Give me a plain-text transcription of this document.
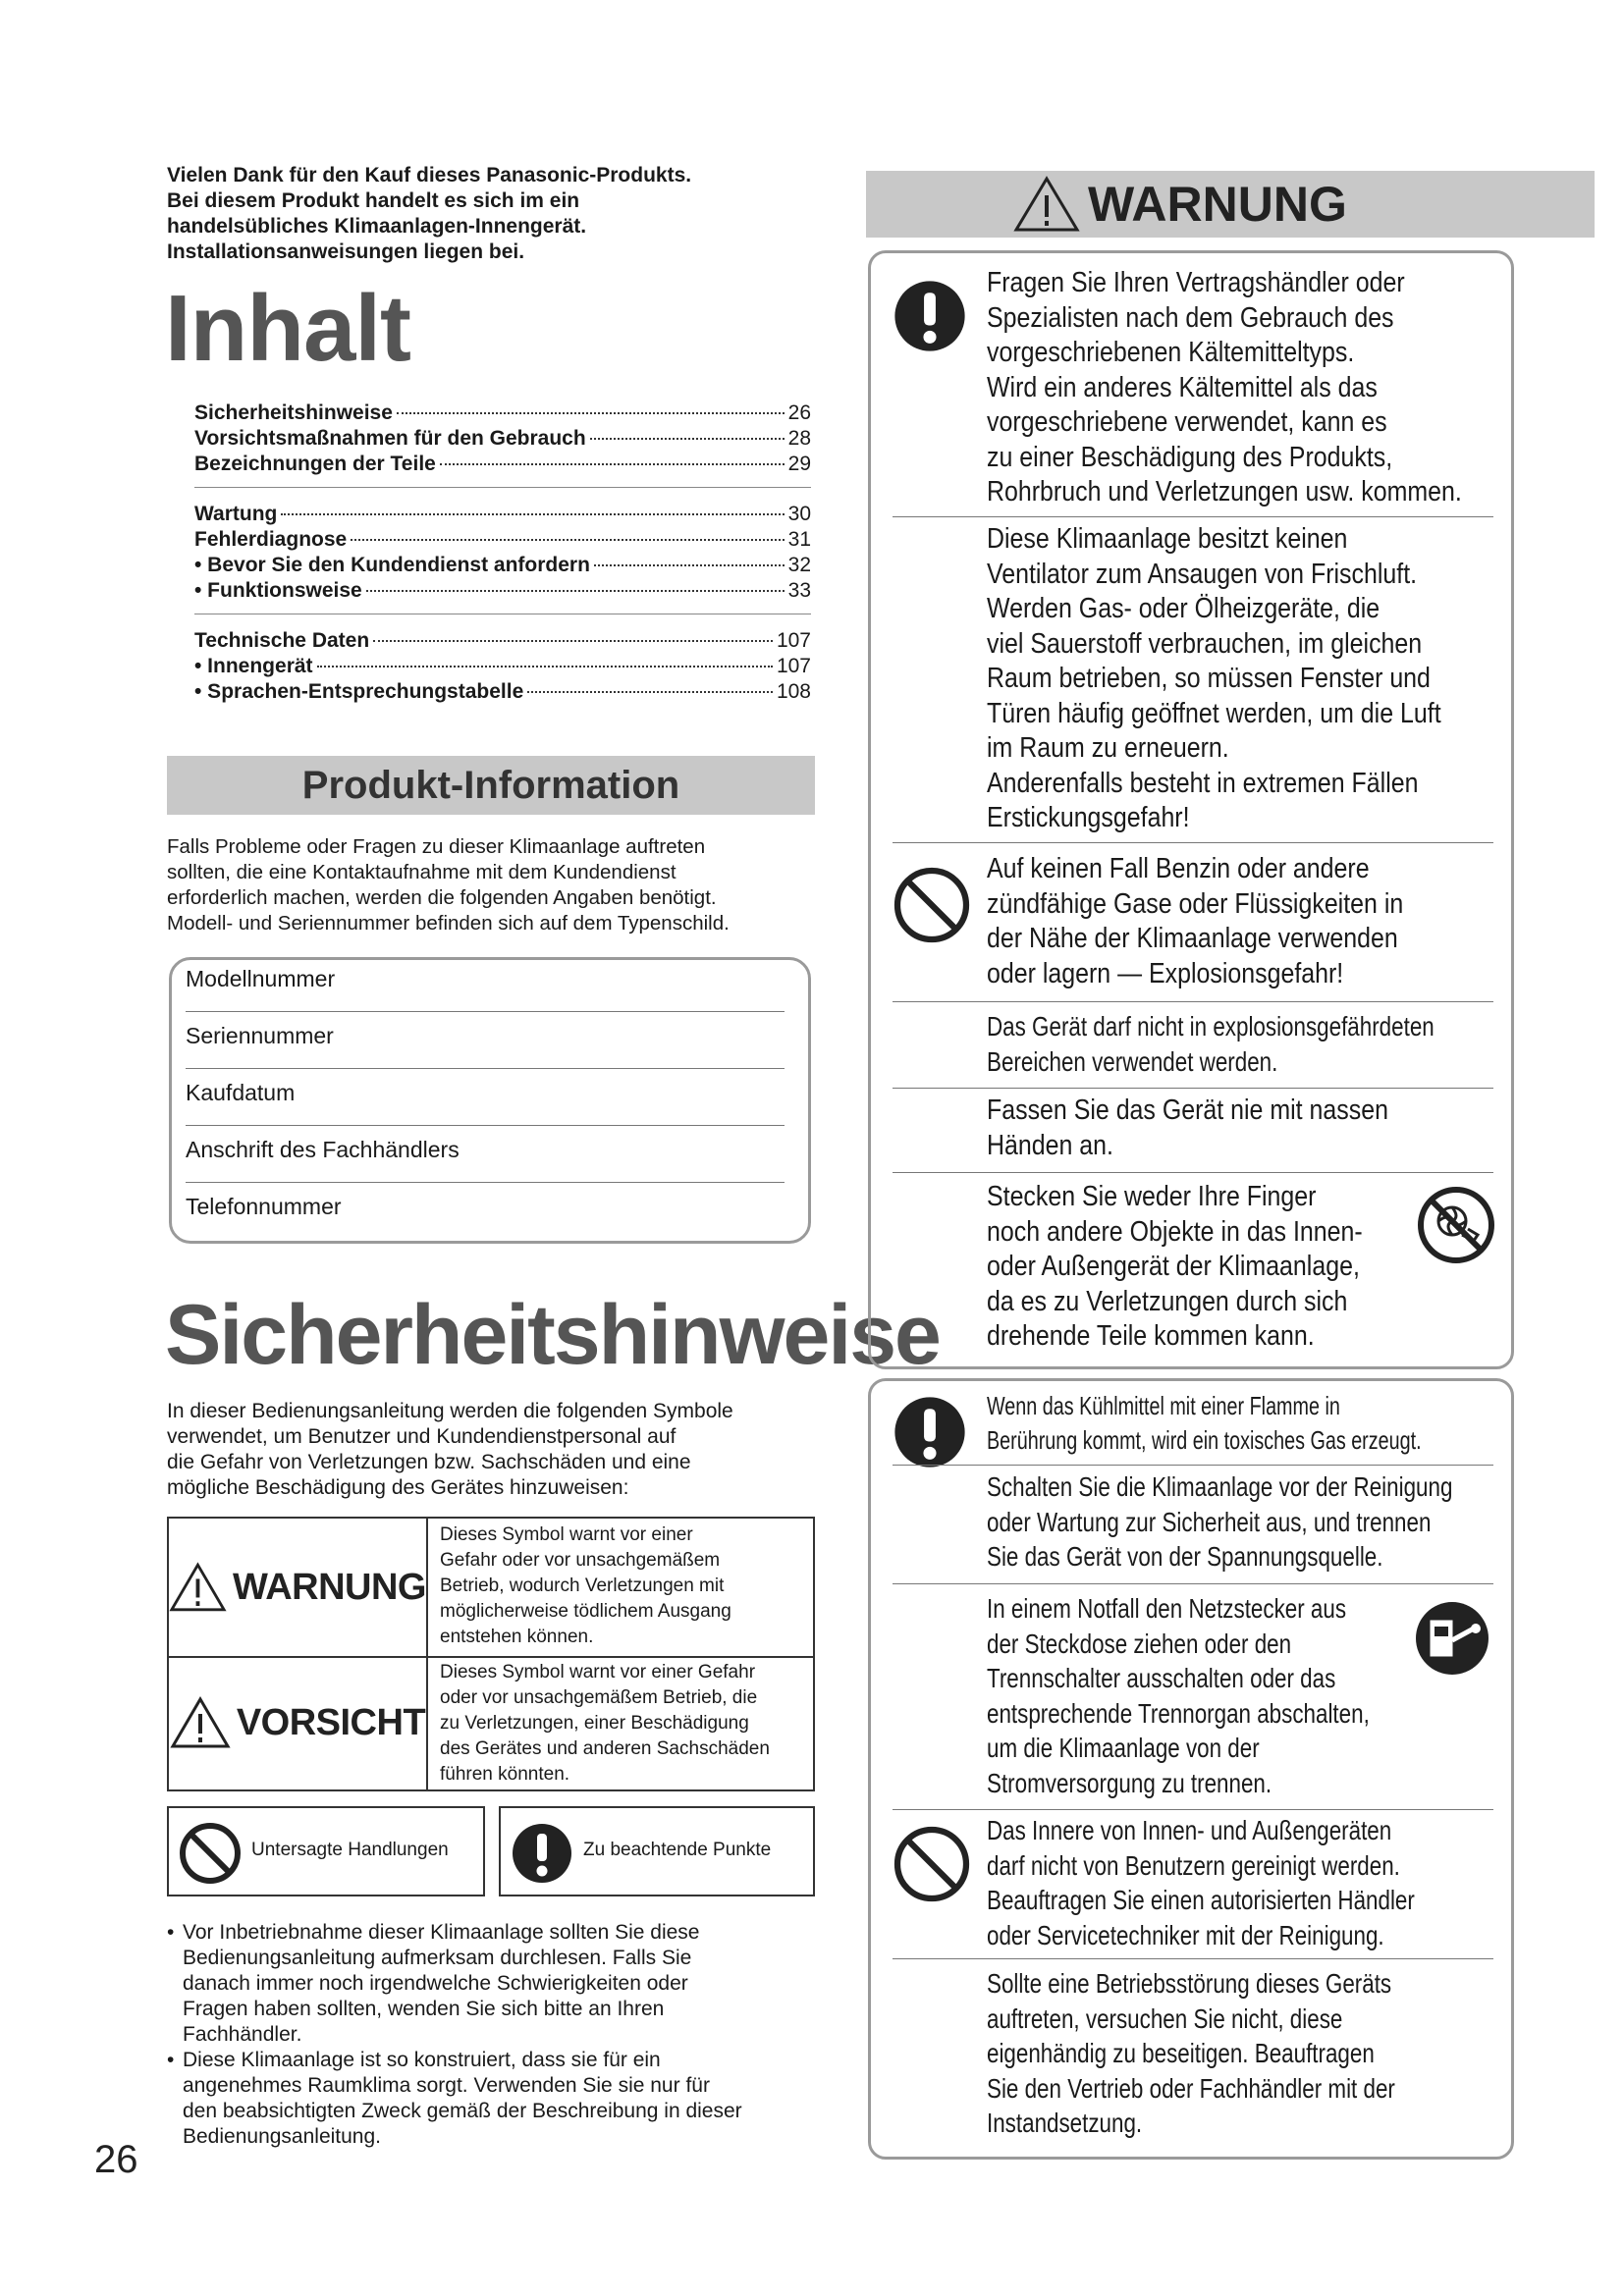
Vielen Dank für den Kauf dieses Panasonic-Produkts.
Bei diesem Produkt handelt es sich im ein
handelsübliches Klimaanlagen-Innengerät.
Installationsanweisungen liegen bei.
Inhalt
Sicherheitshinweise	26
Vorsichtsmaßnahmen für den Gebrauch	28
Bezeichnungen der Teile	29
Wartung	30
Fehlerdiagnose	31
• Bevor Sie den Kundendienst anfordern	32
• Funktionsweise	33
Technische Daten	107
• Innengerät	107
• Sprachen-Entsprechungstabelle	108
Produkt-Information
Falls Probleme oder Fragen zu dieser Klimaanlage auftreten
sollten, die eine Kontaktaufnahme mit dem Kundendienst
erforderlich machen, werden die folgenden Angaben benötigt.
Modell- und Seriennummer befinden sich auf dem Typenschild.
Modellnummer
Seriennummer
Kaufdatum
Anschrift des Fachhändlers
Telefonnummer
Sicherheitshinweise
In dieser Bedienungsanleitung werden die folgenden Symbole
verwendet, um Benutzer und Kundendienstpersonal auf
die Gefahr von Verletzungen bzw. Sachschäden und eine
mögliche Beschädigung des Gerätes hinzuweisen:
WARNUNG
Dieses Symbol warnt vor einer
Gefahr oder vor unsachgemäßem
Betrieb, wodurch Verletzungen mit
möglicherweise tödlichem Ausgang
entstehen können.
VORSICHT
Dieses Symbol warnt vor einer Gefahr
oder vor unsachgemäßem Betrieb, die
zu Verletzungen, einer Beschädigung
des Gerätes und anderen Sachschäden
führen könnten.
Untersagte Handlungen	Zu beachtende Punkte
• Vor Inbetriebnahme dieser Klimaanlage sollten Sie diese
Bedienungsanleitung aufmerksam durchlesen. Falls Sie
danach immer noch irgendwelche Schwierigkeiten oder
Fragen haben sollten, wenden Sie sich bitte an Ihren
Fachhändler.
• Diese Klimaanlage ist so konstruiert, dass sie für ein
angenehmes Raumklima sorgt. Verwenden Sie sie nur für
den beabsichtigten Zweck gemäß der Beschreibung in dieser
Bedienungsanleitung.
26
WARNUNG
Fragen Sie Ihren Vertragshändler oder
Spezialisten nach dem Gebrauch des
vorgeschriebenen Kältemitteltyps.
Wird ein anderes Kältemittel als das
vorgeschriebene verwendet, kann es
zu einer Beschädigung des Produkts,
Rohrbruch und Verletzungen usw. kommen.
Diese Klimaanlage besitzt keinen
Ventilator zum Ansaugen von Frischluft.
Werden Gas- oder Ölheizgeräte, die
viel Sauerstoff verbrauchen, im gleichen
Raum betrieben, so müssen Fenster und
Türen häufig geöffnet werden, um die Luft
im Raum zu erneuern.
Anderenfalls besteht in extremen Fällen
Erstickungsgefahr!
Auf keinen Fall Benzin oder andere
zündfähige Gase oder Flüssigkeiten in
der Nähe der Klimaanlage verwenden
oder lagern — Explosionsgefahr!
Das Gerät darf nicht in explosionsgefährdeten
Bereichen verwendet werden.
Fassen Sie das Gerät nie mit nassen
Händen an.
Stecken Sie weder Ihre Finger
noch andere Objekte in das Innen-
oder Außengerät der Klimaanlage,
da es zu Verletzungen durch sich
drehende Teile kommen kann.
Wenn das Kühlmittel mit einer Flamme in
Berührung kommt, wird ein toxisches Gas erzeugt.
Schalten Sie die Klimaanlage vor der Reinigung
oder Wartung zur Sicherheit aus, und trennen
Sie das Gerät von der Spannungsquelle.
In einem Notfall den Netzstecker aus
der Steckdose ziehen oder den
Trennschalter ausschalten oder das
entsprechende Trennorgan abschalten,
um die Klimaanlage von der
Stromversorgung zu trennen.
Das Innere von Innen- und Außengeräten
darf nicht von Benutzern gereinigt werden.
Beauftragen Sie einen autorisierten Händler
oder Servicetechniker mit der Reinigung.
Sollte eine Betriebsstörung dieses Geräts
auftreten, versuchen Sie nicht, diese
eigenhändig zu beseitigen. Beauftragen
Sie den Vertrieb oder Fachhändler mit der
Instandsetzung.
